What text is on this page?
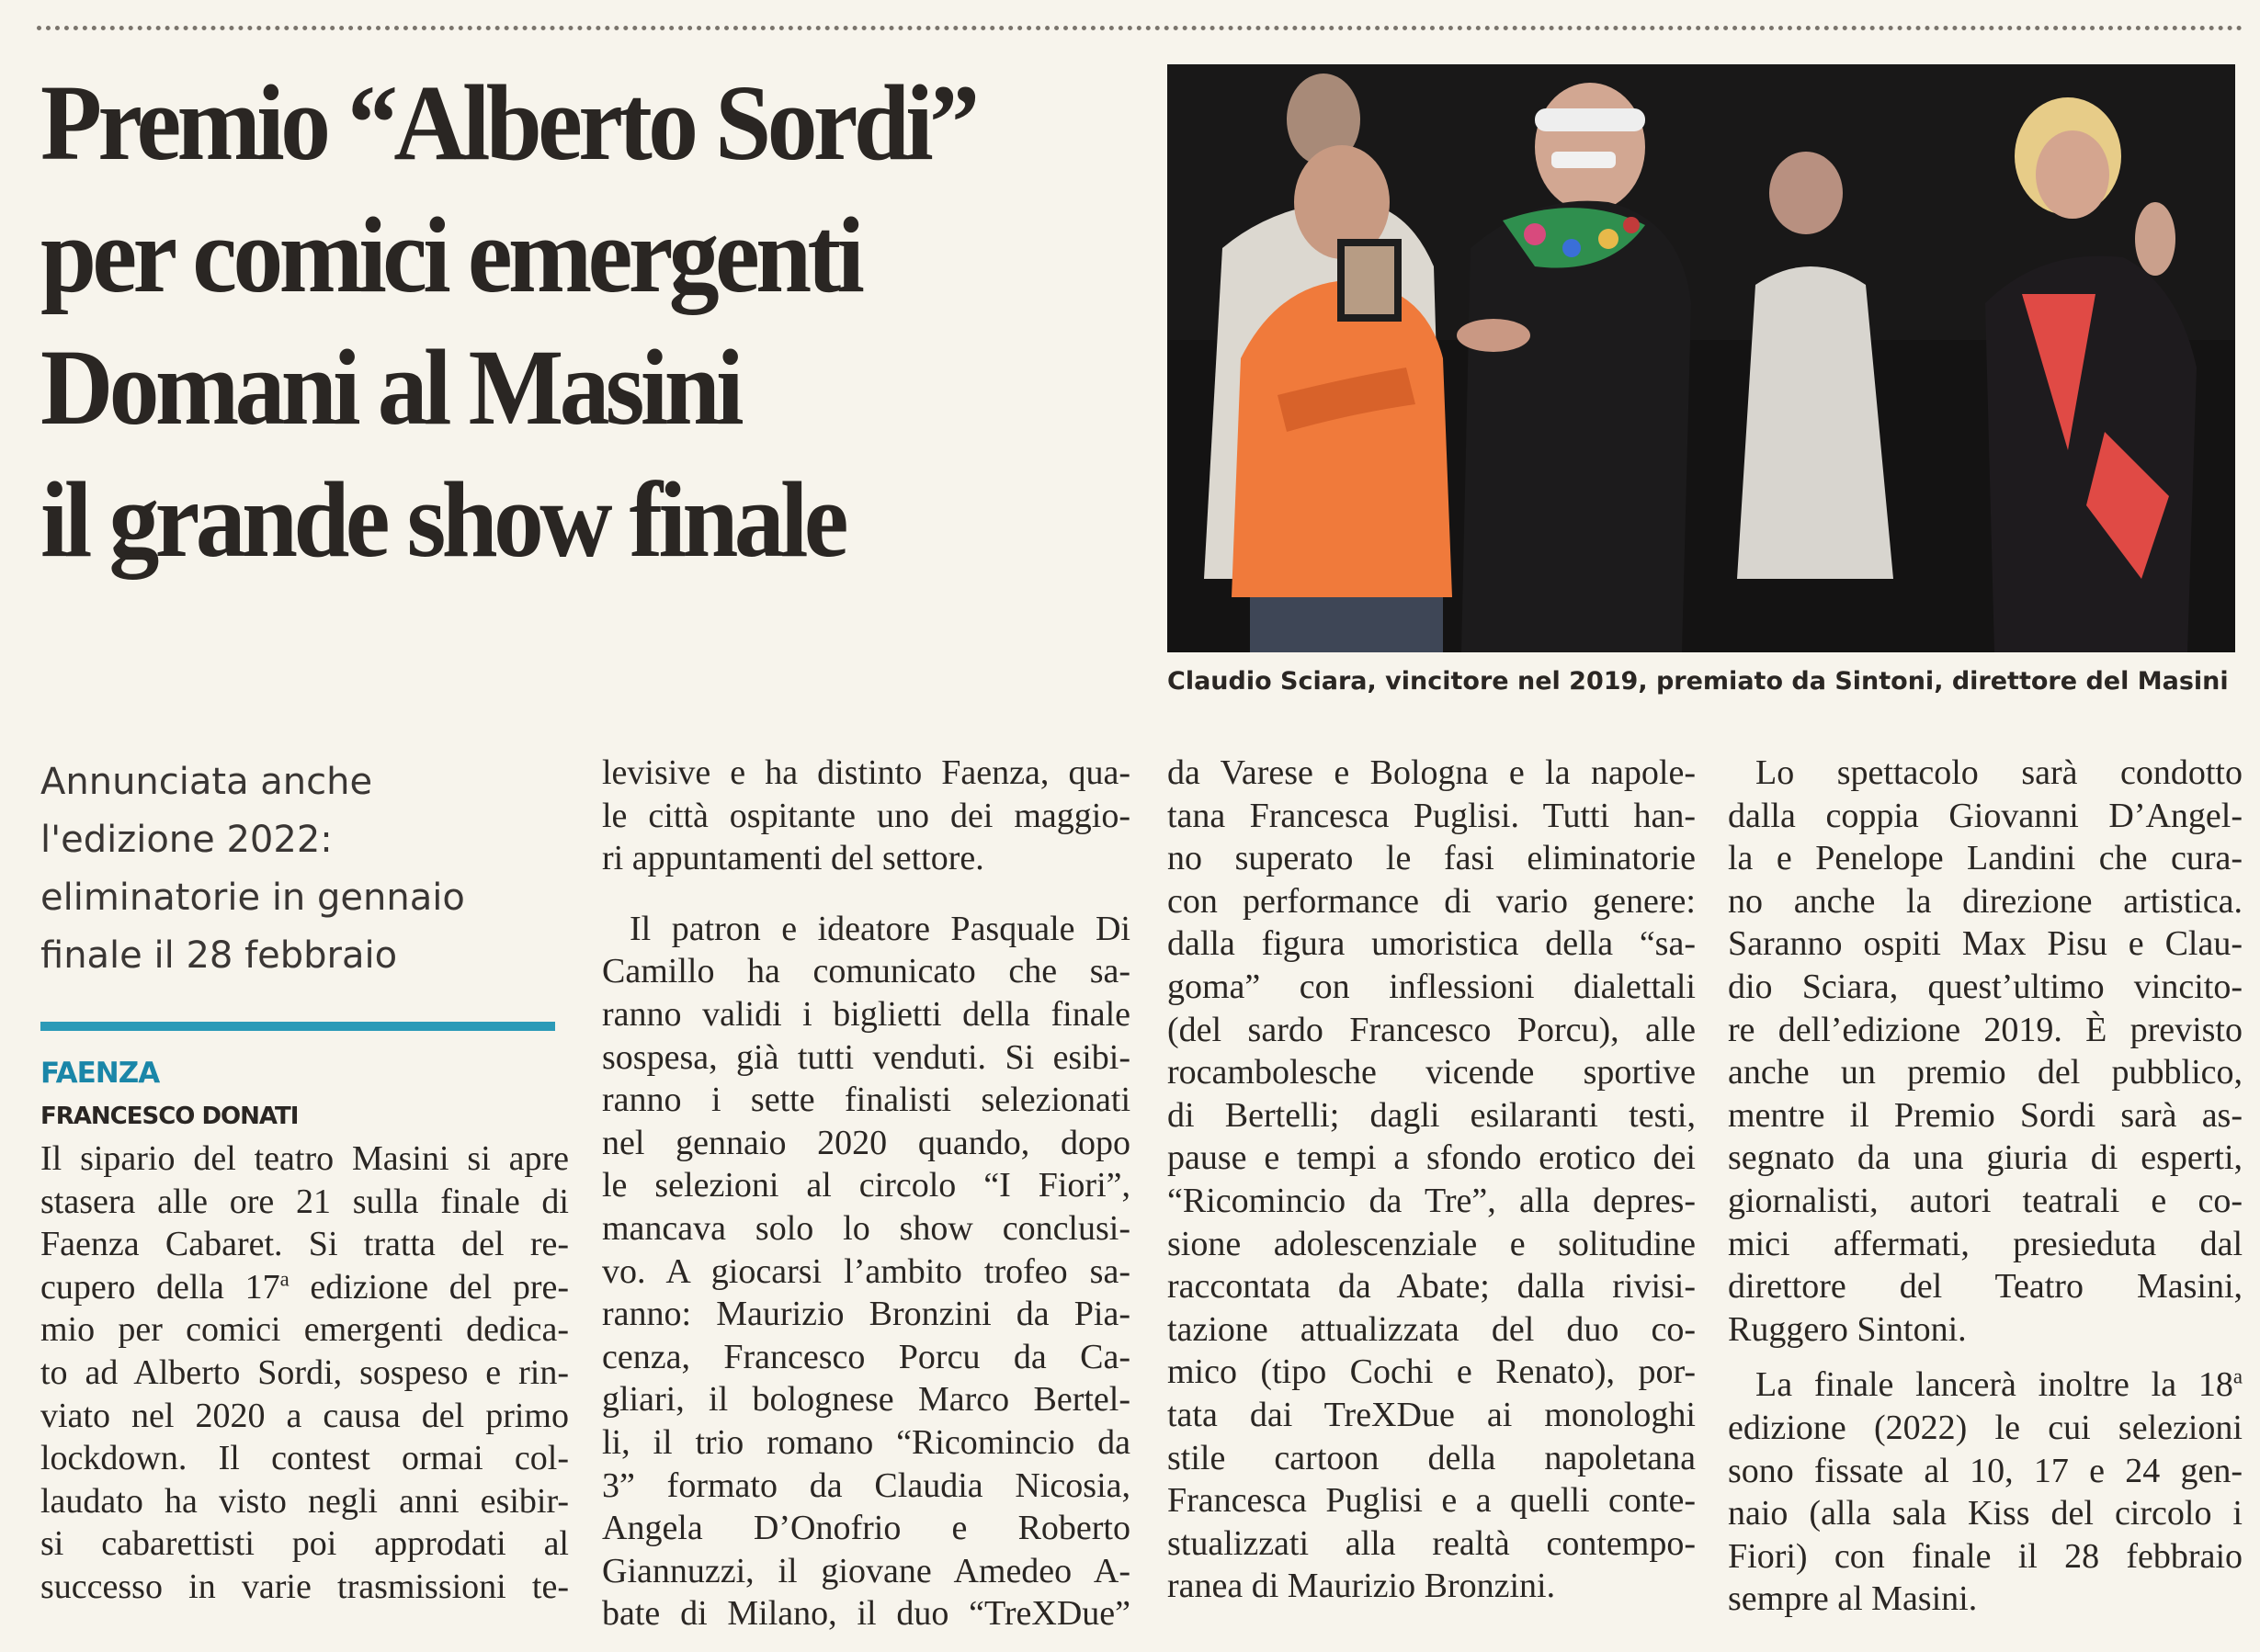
Premio “Alberto Sordi”
per comici emergenti
Domani al Masini
il grande show finale
Claudio Sciara, vincitore nel 2019, premiato da Sintoni, direttore del Masini
Annunciata anche
l'edizione 2022:
eliminatorie in gennaio
finale il 28 febbraio
FAENZA
FRANCESCO DONATI
Il sipario del teatro Masini si apre
stasera alle ore 21 sulla finale di
Faenza Cabaret. Si tratta del re-
cupero della 17$^a$ edizione del pre-
mio per comici emergenti dedica-
to ad Alberto Sordi, sospeso e rin-
viato nel 2020 a causa del primo
lockdown. Il contest ormai col-
laudato ha visto negli anni esibir-
si cabarettisti poi approdati al
successo in varie trasmissioni te-
levisive e ha distinto Faenza, qua-
le città ospitante uno dei maggio-
ri appuntamenti del settore.
Il patron e ideatore Pasquale Di
Camillo ha comunicato che sa-
ranno validi i biglietti della finale
sospesa, già tutti venduti. Si esibi-
ranno i sette finalisti selezionati
nel gennaio 2020 quando, dopo
le selezioni al circolo “I Fiori”,
mancava solo lo show conclusi-
vo. A giocarsi l’ambito trofeo sa-
ranno: Maurizio Bronzini da Pia-
cenza, Francesco Porcu da Ca-
gliari, il bolognese Marco Bertel-
li, il trio romano “Ricomincio da
3” formato da Claudia Nicosia,
Angela D’Onofrio e Roberto
Giannuzzi, il giovane Amedeo A-
bate di Milano, il duo “TreXDue”
da Varese e Bologna e la napole-
tana Francesca Puglisi. Tutti han-
no superato le fasi eliminatorie
con performance di vario genere:
dalla figura umoristica della “sa-
goma” con inflessioni dialettali
(del sardo Francesco Porcu), alle
rocambolesche vicende sportive
di Bertelli; dagli esilaranti testi,
pause e tempi a sfondo erotico dei
“Ricomincio da Tre”, alla depres-
sione adolescenziale e solitudine
raccontata da Abate; dalla rivisi-
tazione attualizzata del duo co-
mico (tipo Cochi e Renato), por-
tata dai TreXDue ai monologhi
stile cartoon della napoletana
Francesca Puglisi e a quelli conte-
stualizzati alla realtà contempo-
ranea di Maurizio Bronzini.
Lo spettacolo sarà condotto
dalla coppia Giovanni D’Angel-
la e Penelope Landini che cura-
no anche la direzione artistica.
Saranno ospiti Max Pisu e Clau-
dio Sciara, quest’ultimo vincito-
re dell’edizione 2019. È previsto
anche un premio del pubblico,
mentre il Premio Sordi sarà as-
segnato da una giuria di esperti,
giornalisti, autori teatrali e co-
mici affermati, presieduta dal
direttore del Teatro Masini,
Ruggero Sintoni.
La finale lancerà inoltre la 18$^a$
edizione (2022) le cui selezioni
sono fissate al 10, 17 e 24 gen-
naio (alla sala Kiss del circolo i
Fiori) con finale il 28 febbraio
sempre al Masini.
